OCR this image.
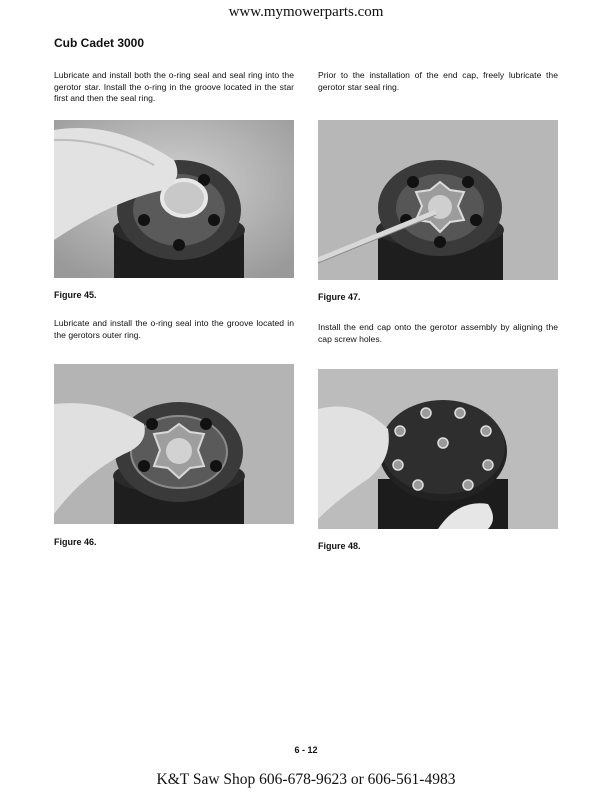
www.mymowerparts.com
Cub Cadet 3000
Lubricate and install both the o-ring seal and seal ring into the gerotor star. Install the o-ring in the groove located in the star first and then the seal ring.
Prior to the installation of the end cap, freely lubricate the gerotor star seal ring.
Figure 45.	Figure 47.
Lubricate and install the o-ring seal into the groove located in the gerotors outer ring.
Install the end cap onto the gerotor assembly by aligning the cap screw holes.
Figure 46.	Figure 48.
6 - 12
K&T Saw Shop 606-678-9623 or 606-561-4983
